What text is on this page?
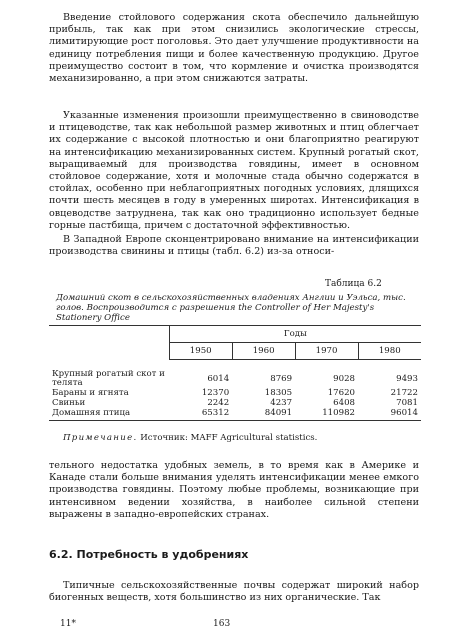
Введение стойлового содержания скота обеспечило дальнейшую прибыль, так как при этом снизились экологические стрессы, лимитирующие рост поголовья. Это дает улучшение продуктивности на единицу потребления пищи и более качественную продукцию. Другое преимущество состоит в том, что кормление и очистка производятся механизированно, а при этом снижаются затраты.

Указанные изменения произошли преимущественно в свиноводстве и птицеводстве, так как небольшой размер животных и птиц облегчает их содержание с высокой плотностью и они благоприятно реагируют на интенсификацию механизированных систем. Крупный рогатый скот, выращиваемый для производства говядины, имеет в основном стойловое содержание, хотя и молочные стада обычно содержатся в стойлах, особенно при неблагоприятных погодных условиях, длящихся почти шесть месяцев в году в умеренных широтах. Интенсификация в овцеводстве затруднена, так как оно традиционно использует бедные горные пастбища, причем с достаточной эффективностью.

В Западной Европе сконцентрировано внимание на интенсификации производства свинины и птицы (табл. 6.2) из-за относи-

Таблица 6.2
Домашний скот в сельскохозяйственных владениях Англии и Уэльса, тыс. голов. Воспроизводится с разрешения the Controller of Her Majesty's Stationery Office
	Годы			
	1950	1960	1970	1980
Крупный рогатый скот и телята	6014	8769	9028	9493
Бараны и ягнята	12370	18305	17620	21722
Свиньи	2242	4237	6408	7081
Домашняя птица	65312	84091	110982	96014
Примечание. Источник: MAFF Agricultural statistics.

тельного недостатка удобных земель, в то время как в Америке и Канаде стали больше внимания уделять интенсификации менее емкого производства говядины. Поэтому любые проблемы, возникающие при интенсивном ведении хозяйства, в наиболее сильной степени выражены в западно-европейских странах.

6.2. Потребность в удобрениях

Типичные сельскохозяйственные почвы содержат широкий набор биогенных веществ, хотя большинство из них органические. Так

11*	163
